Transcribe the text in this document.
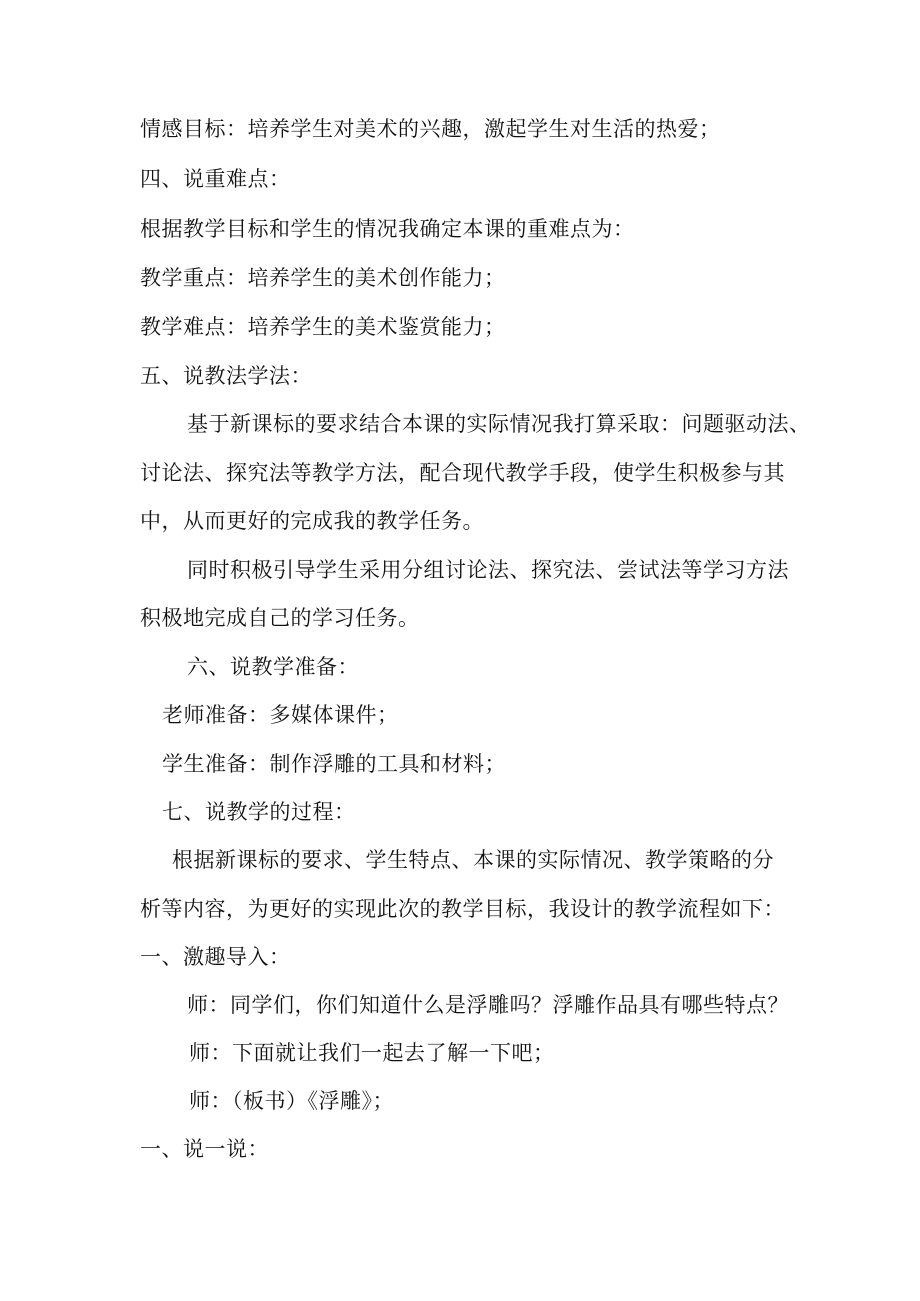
情感目标：培养学生对美术的兴趣，激起学生对生活的热爱；
四、说重难点：
根据教学目标和学生的情况我确定本课的重难点为：
教学重点：培养学生的美术创作能力；
教学难点：培养学生的美术鉴赏能力；
五、说教法学法：
基于新课标的要求结合本课的实际情况我打算采取：问题驱动法、
讨论法、探究法等教学方法，配合现代教学手段，使学生积极参与其
中，从而更好的完成我的教学任务。
同时积极引导学生采用分组讨论法、探究法、尝试法等学习方法
积极地完成自己的学习任务。
六、说教学准备：
老师准备：多媒体课件；
学生准备：制作浮雕的工具和材料；
七、说教学的过程：
根据新课标的要求、学生特点、本课的实际情况、教学策略的分
析等内容，为更好的实现此次的教学目标，我设计的教学流程如下：
一、激趣导入：
师：同学们，你们知道什么是浮雕吗？浮雕作品具有哪些特点？
师：下面就让我们一起去了解一下吧；
师：（板书）《浮雕》；
一、说一说：
